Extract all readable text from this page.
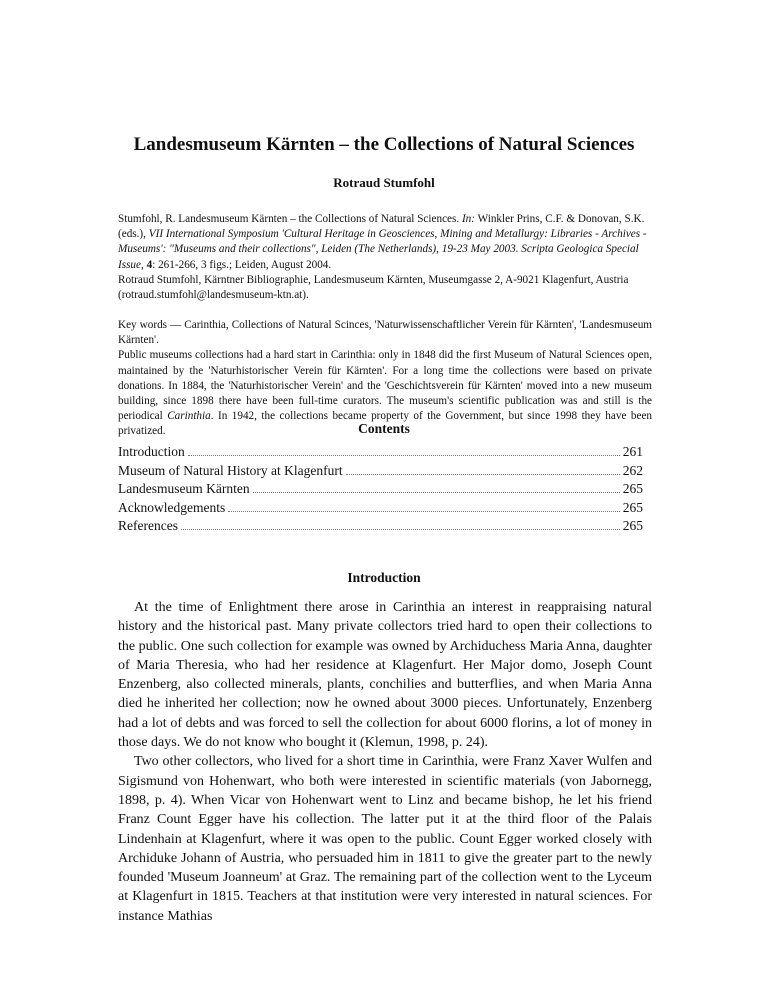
Landesmuseum Kärnten – the Collections of Natural Sciences
Rotraud Stumfohl

Stumfohl, R. Landesmuseum Kärnten – the Collections of Natural Sciences. In: Winkler Prins, C.F. & Donovan, S.K. (eds.), VII International Symposium 'Cultural Heritage in Geosciences, Mining and Metallurgy: Libraries - Archives - Museums': "Museums and their collections", Leiden (The Netherlands), 19-23 May 2003. Scripta Geologica Special Issue, 4: 261-266, 3 figs.; Leiden, August 2004.

Rotraud Stumfohl, Kärntner Bibliographie, Landesmuseum Kärnten, Museumgasse 2, A-9021 Klagenfurt, Austria (rotraud.stumfohl@landesmuseum-ktn.at).

Key words — Carinthia, Collections of Natural Scinces, 'Naturwissenschaftlicher Verein für Kärnten', 'Landesmuseum Kärnten'.

Public museums collections had a hard start in Carinthia: only in 1848 did the first Museum of Natural Sciences open, maintained by the 'Naturhistorischer Verein für Kärnten'. For a long time the collections were based on private donations. In 1884, the 'Naturhistorischer Verein' and the 'Geschichtsverein für Kärnten' moved into a new museum building, since 1898 there have been full-time curators. The museum's scientific publication was and still is the periodical Carinthia. In 1942, the collections became property of the Government, but since 1998 they have been privatized.	Contents
Introduction	261
Museum of Natural History at Klagenfurt	262
Landesmuseum Kärnten	265
Acknowledgements	265
References	265
Introduction

At the time of Enlightment there arose in Carinthia an interest in reappraising natural history and the historical past. Many private collectors tried hard to open their collections to the public. One such collection for example was owned by Archiduchess Maria Anna, daughter of Maria Theresia, who had her residence at Klagenfurt. Her Major domo, Joseph Count Enzenberg, also collected minerals, plants, conchilies and butterflies, and when Maria Anna died he inherited her collection; now he owned about 3000 pieces. Unfortunately, Enzenberg had a lot of debts and was forced to sell the collection for about 6000 florins, a lot of money in those days. We do not know who bought it (Klemun, 1998, p. 24).

Two other collectors, who lived for a short time in Carinthia, were Franz Xaver Wulfen and Sigismund von Hohenwart, who both were interested in scientific materials (von Jabornegg, 1898, p. 4). When Vicar von Hohenwart went to Linz and became bishop, he let his friend Franz Count Egger have his collection. The latter put it at the third floor of the Palais Lindenhain at Klagenfurt, where it was open to the public. Count Egger worked closely with Archiduke Johann of Austria, who persuaded him in 1811 to give the greater part to the newly founded 'Museum Joanneum' at Graz. The remaining part of the collection went to the Lyceum at Klagenfurt in 1815. Teachers at that institution were very interested in natural sciences. For instance Mathias
